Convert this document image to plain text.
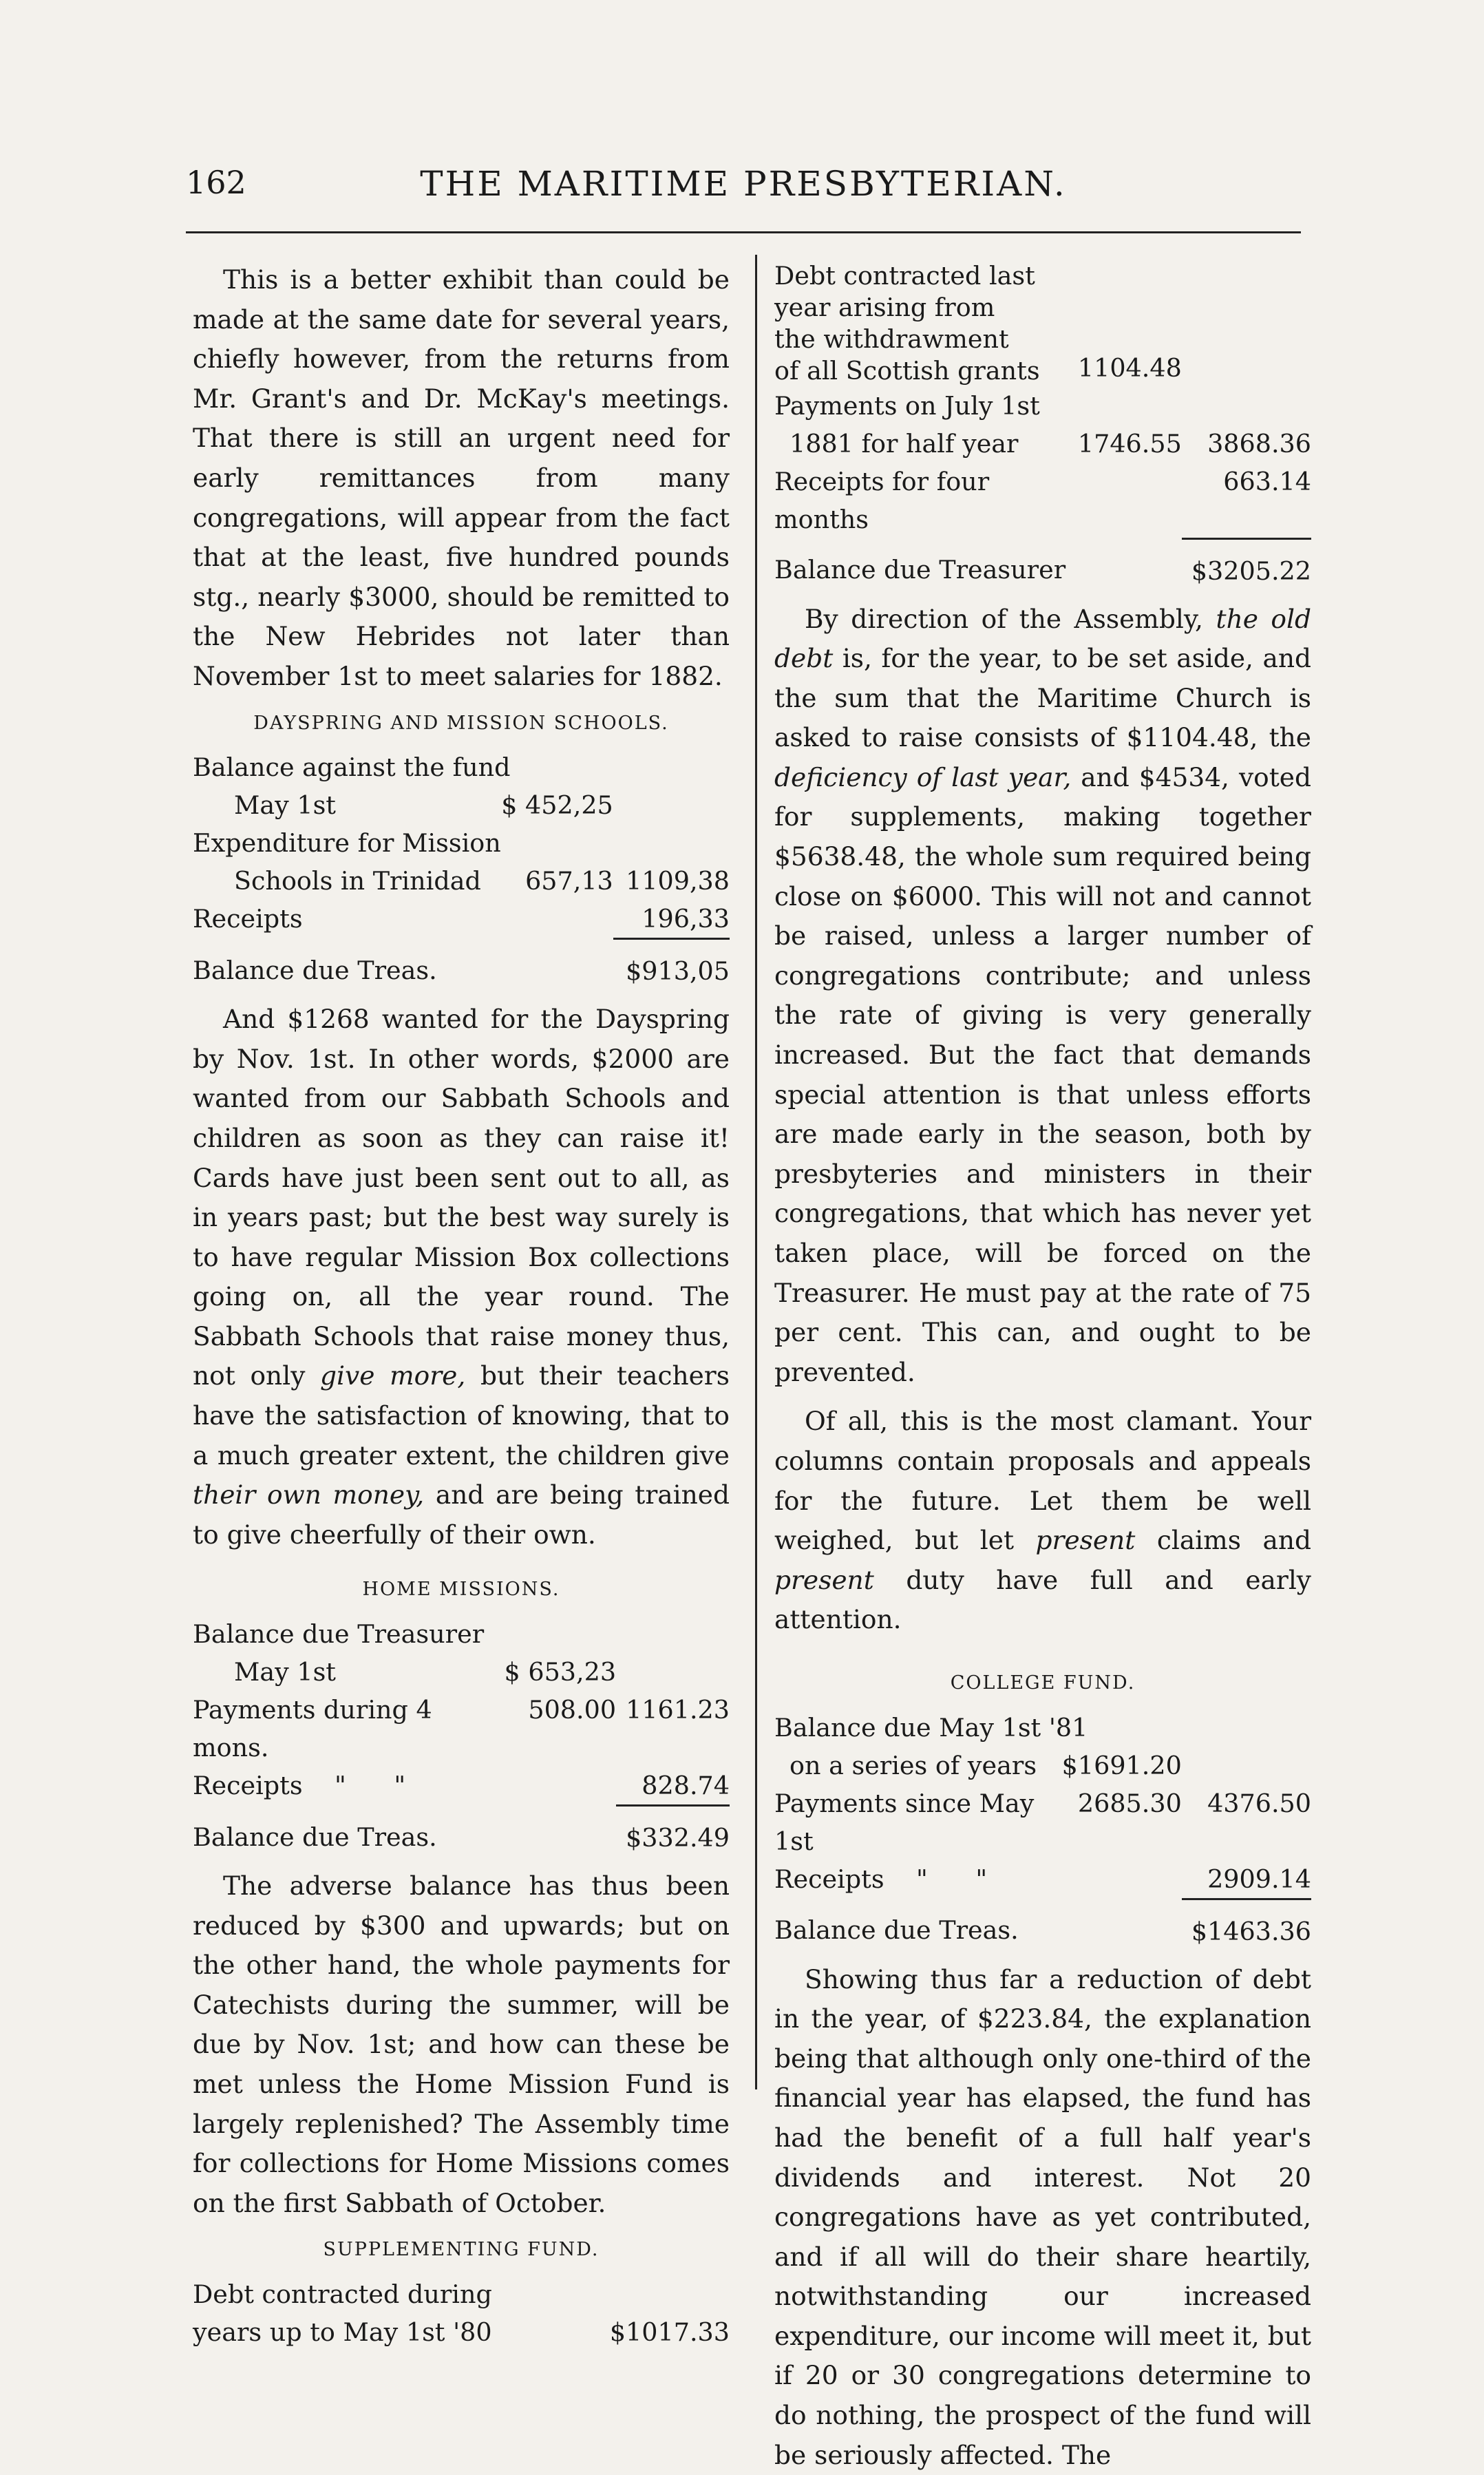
162	THE MARITIME PRESBYTERIAN.

This is a better exhibit than could be made at the same date for several years, chiefly however, from the returns from Mr. Grant's and Dr. McKay's meetings. That there is still an urgent need for early remittances from many congregations, will appear from the fact that at the least, five hundred pounds stg., nearly $3000, should be remitted to the New Hebrides not later than November 1st to meet salaries for 1882.

DAYSPRING AND MISSION SCHOOLS.
Balance against the fund		
May 1st	$ 452,25	
Expenditure for Mission		
Schools in Trinidad	657,13	1109,38
Receipts		196,33
Balance due Treas.		$913,05

And $1268 wanted for the Dayspring by Nov. 1st. In other words, $2000 are wanted from our Sabbath Schools and children as soon as they can raise it! Cards have just been sent out to all, as in years past; but the best way surely is to have regular Mission Box collections going on, all the year round. The Sabbath Schools that raise money thus, not only give more, but their teachers have the satisfaction of knowing, that to a much greater extent, the children give their own money, and are being trained to give cheerfully of their own.

HOME MISSIONS.
Balance due Treasurer		
May 1st	$ 653,23	
Payments during 4 mons.	508.00	1161.23
Receipts    "      "		828.74
Balance due Treas.		$332.49

The adverse balance has thus been reduced by $300 and upwards; but on the other hand, the whole payments for Catechists during the summer, will be due by Nov. 1st; and how can these be met unless the Home Mission Fund is largely replenished? The Assembly time for collections for Home Missions comes on the first Sabbath of October.

SUPPLEMENTING FUND.
Debt contracted during
years up to May 1st '80	$1017.33
Debt contracted last year arising from the withdrawment of all Scottish grants	1104.48	
Payments on July 1st		
1881 for half year	1746.55	3868.36
Receipts for four months		663.14
Balance due Treasurer		$3205.22

By direction of the Assembly, the old debt is, for the year, to be set aside, and the sum that the Maritime Church is asked to raise consists of $1104.48, the deficiency of last year, and $4534, voted for supplements, making together $5638.48, the whole sum required being close on $6000. This will not and cannot be raised, unless a larger number of congregations contribute; and unless the rate of giving is very generally increased. But the fact that demands special attention is that unless efforts are made early in the season, both by presbyteries and ministers in their congregations, that which has never yet taken place, will be forced on the Treasurer. He must pay at the rate of 75 per cent. This can, and ought to be prevented.

Of all, this is the most clamant. Your columns contain proposals and appeals for the future. Let them be well weighed, but let present claims and present duty have full and early attention.

COLLEGE FUND.
Balance due May 1st '81		
on a series of years	$1691.20	
Payments since May 1st	2685.30	4376.50
Receipts    "      "		2909.14
Balance due Treas.		$1463.36

Showing thus far a reduction of debt in the year, of $223.84, the explanation being that although only one-third of the financial year has elapsed, the fund has had the benefit of a full half year's dividends and interest. Not 20 congregations have as yet contributed, and if all will do their share heartily, notwithstanding our increased expenditure, our income will meet it, but if 20 or 30 congregations determine to do nothing, the prospect of the fund will be seriously affected. The
